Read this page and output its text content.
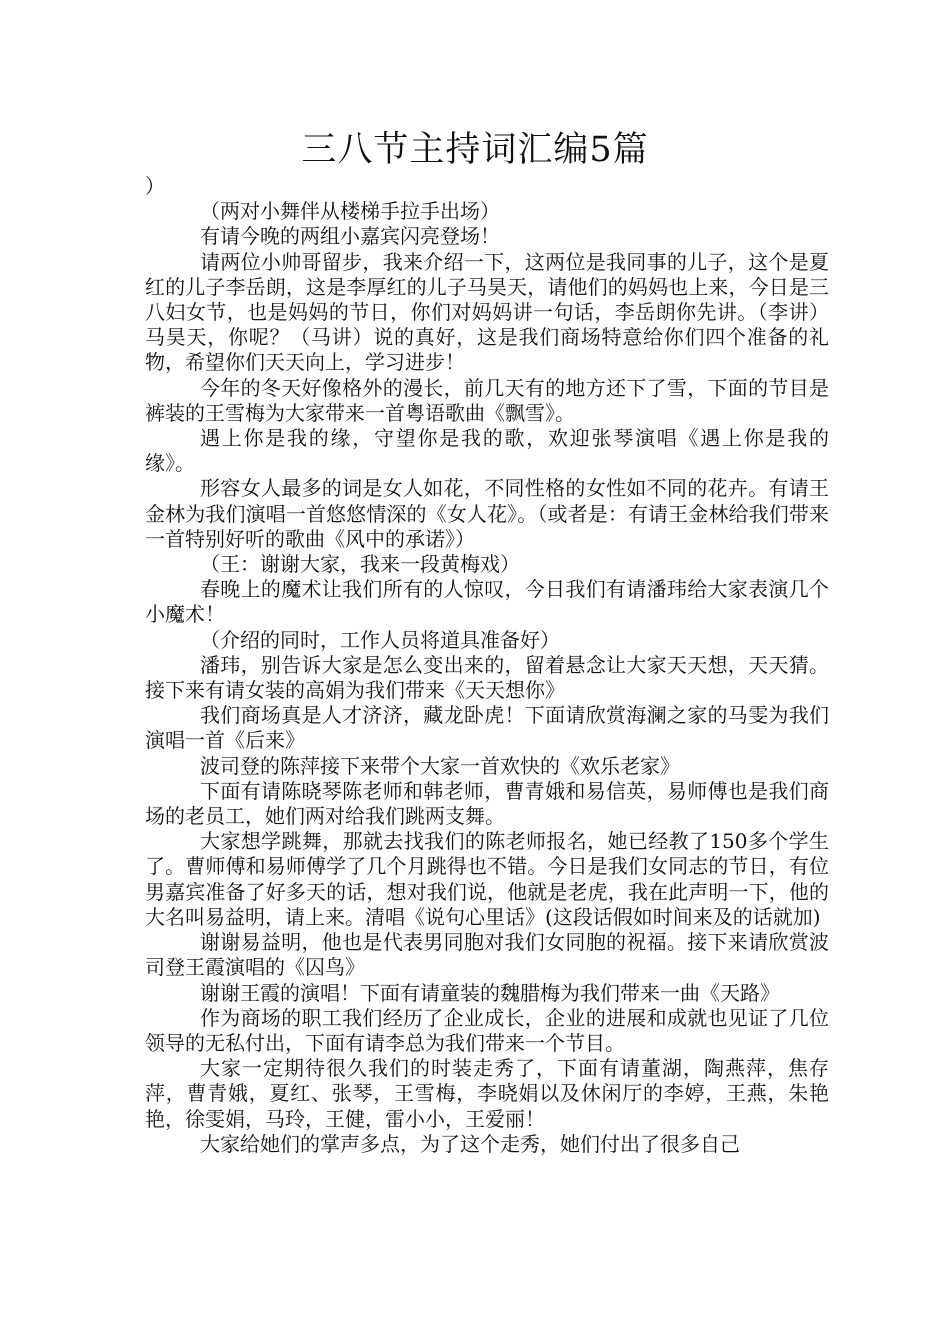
三八节主持词汇编5篇

）

（两对小舞伴从楼梯手拉手出场）

有请今晚的两组小嘉宾闪亮登场！

请两位小帅哥留步，我来介绍一下，这两位是我同事的儿子，这个是夏红的儿子李岳朗，这是李厚红的儿子马昊天，请他们的妈妈也上来，今日是三八妇女节，也是妈妈的节日，你们对妈妈讲一句话，李岳朗你先讲。（李讲）马昊天，你呢？（马讲）说的真好，这是我们商场特意给你们四个准备的礼物，希望你们天天向上，学习进步！

今年的冬天好像格外的漫长，前几天有的地方还下了雪，下面的节目是裤装的王雪梅为大家带来一首粤语歌曲《飘雪》。

遇上你是我的缘，守望你是我的歌，欢迎张琴演唱《遇上你是我的缘》。

形容女人最多的词是女人如花，不同性格的女性如不同的花卉。有请王金林为我们演唱一首悠悠情深的《女人花》。（或者是：有请王金林给我们带来一首特别好听的歌曲《风中的承诺》）

（王：谢谢大家，我来一段黄梅戏）

春晚上的魔术让我们所有的人惊叹，今日我们有请潘玮给大家表演几个小魔术！

（介绍的同时，工作人员将道具准备好）

潘玮，别告诉大家是怎么变出来的，留着悬念让大家天天想，天天猜。接下来有请女装的高娟为我们带来《天天想你》

我们商场真是人才济济，藏龙卧虎！下面请欣赏海澜之家的马雯为我们演唱一首《后来》

波司登的陈萍接下来带个大家一首欢快的《欢乐老家》

下面有请陈晓琴陈老师和韩老师，曹青娥和易信英，易师傅也是我们商场的老员工，她们两对给我们跳两支舞。

大家想学跳舞，那就去找我们的陈老师报名，她已经教了150多个学生了。曹师傅和易师傅学了几个月跳得也不错。今日是我们女同志的节日，有位男嘉宾准备了好多天的话，想对我们说，他就是老虎，我在此声明一下，他的大名叫易益明，请上来。清唱《说句心里话》(这段话假如时间来及的话就加)

谢谢易益明，他也是代表男同胞对我们女同胞的祝福。接下来请欣赏波司登王霞演唱的《囚鸟》

谢谢王霞的演唱！下面有请童装的魏腊梅为我们带来一曲《天路》

作为商场的职工我们经历了企业成长，企业的进展和成就也见证了几位领导的无私付出，下面有请李总为我们带来一个节目。

大家一定期待很久我们的时装走秀了，下面有请董湖，陶燕萍，焦存萍，曹青娥，夏红、张琴，王雪梅，李晓娟以及休闲厅的李婷，王燕，朱艳艳，徐雯娟，马玲，王健，雷小小，王爱丽！

大家给她们的掌声多点，为了这个走秀，她们付出了很多自己
